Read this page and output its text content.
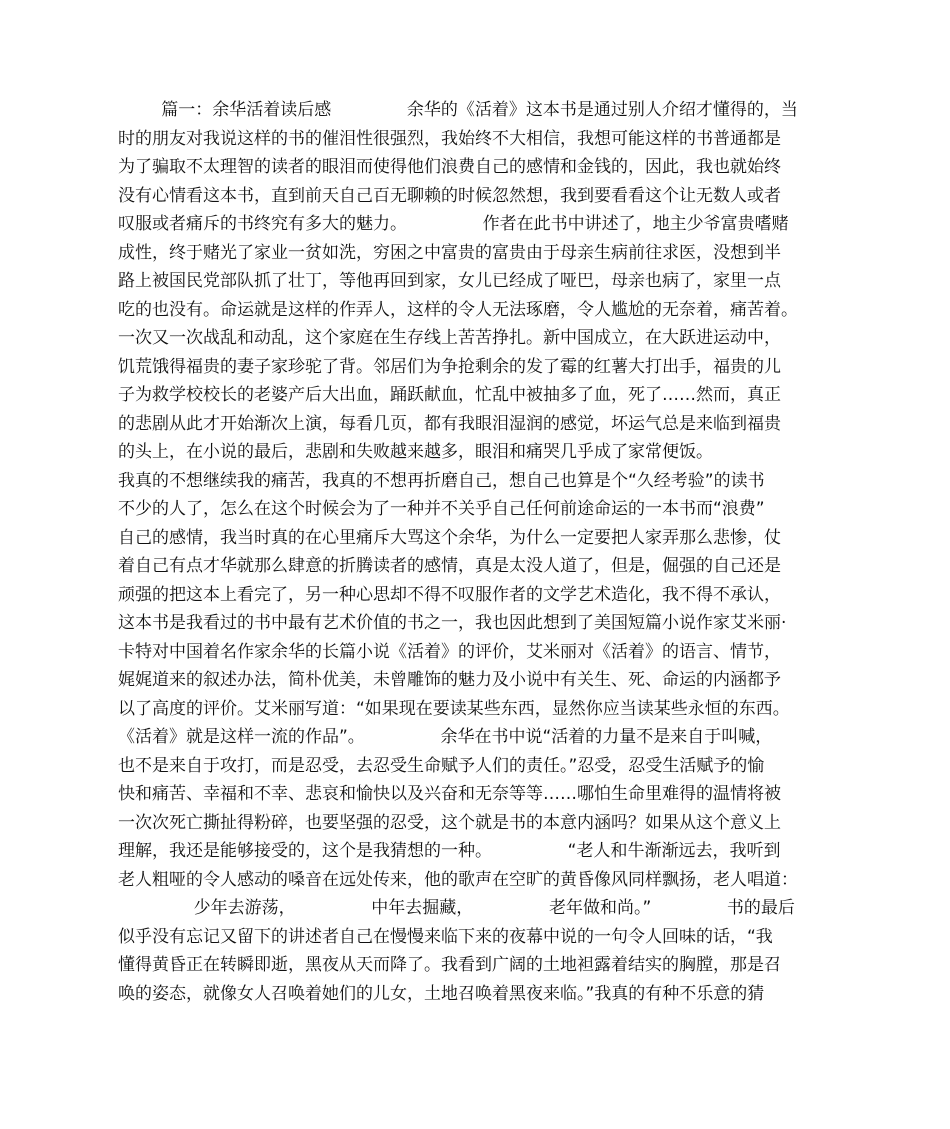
篇一：余华活着读后感              余华的《活着》这本书是通过别人介绍才懂得的，当
时的朋友对我说这样的书的催泪性很强烈，我始终不大相信，我想可能这样的书普通都是
为了骗取不太理智的读者的眼泪而使得他们浪费自己的感情和金钱的，因此，我也就始终
没有心情看这本书，直到前天自己百无聊赖的时候忽然想，我到要看看这个让无数人或者
叹服或者痛斥的书终究有多大的魅力。              作者在此书中讲述了，地主少爷富贵嗜赌
成性，终于赌光了家业一贫如洗，穷困之中富贵的富贵由于母亲生病前往求医，没想到半
路上被国民党部队抓了壮丁，等他再回到家，女儿已经成了哑巴，母亲也病了，家里一点
吃的也没有。命运就是这样的作弄人，这样的令人无法琢磨，令人尴尬的无奈着，痛苦着。
一次又一次战乱和动乱，这个家庭在生存线上苦苦挣扎。新中国成立，在大跃进运动中，
饥荒饿得福贵的妻子家珍驼了背。邻居们为争抢剩余的发了霉的红薯大打出手，福贵的儿
子为救学校校长的老婆产后大出血，踊跃献血，忙乱中被抽多了血，死了……然而，真正
的悲剧从此才开始渐次上演，每看几页，都有我眼泪湿润的感觉，坏运气总是来临到福贵
的头上，在小说的最后，悲剧和失败越来越多，眼泪和痛哭几乎成了家常便饭。
我真的不想继续我的痛苦，我真的不想再折磨自己，想自己也算是个“久经考验”的读书
不少的人了，怎么在这个时候会为了一种并不关乎自己任何前途命运的一本书而“浪费”
自己的感情，我当时真的在心里痛斥大骂这个余华，为什么一定要把人家弄那么悲惨，仗
着自己有点才华就那么肆意的折腾读者的感情，真是太没人道了，但是，倔强的自己还是
顽强的把这本上看完了，另一种心思却不得不叹服作者的文学艺术造化，我不得不承认，
这本书是我看过的书中最有艺术价值的书之一，我也因此想到了美国短篇小说作家艾米丽·
卡特对中国着名作家余华的长篇小说《活着》的评价，艾米丽对《活着》的语言、情节，
娓娓道来的叙述办法，简朴优美，未曾雕饰的魅力及小说中有关生、死、命运的内涵都予
以了高度的评价。艾米丽写道：“如果现在要读某些东西，显然你应当读某些永恒的东西。
《活着》就是这样一流的作品”。              余华在书中说“活着的力量不是来自于叫喊，
也不是来自于攻打，而是忍受，去忍受生命赋予人们的责任。”忍受，忍受生活赋予的愉
快和痛苦、幸福和不幸、悲哀和愉快以及兴奋和无奈等等……哪怕生命里难得的温情将被
一次次死亡撕扯得粉碎，也要坚强的忍受，这个就是书的本意内涵吗？如果从这个意义上
理解，我还是能够接受的，这个是我猜想的一种。              “老人和牛渐渐远去，我听到
老人粗哑的令人感动的嗓音在远处传来，他的歌声在空旷的黄昏像风同样飘扬，老人唱道：
少年去游荡，              中年去掘藏，              老年做和尚。”              书的最后
似乎没有忘记又留下的讲述者自己在慢慢来临下来的夜幕中说的一句令人回味的话，“我
懂得黄昏正在转瞬即逝，黑夜从天而降了。我看到广阔的土地袒露着结实的胸膛，那是召
唤的姿态，就像女人召唤着她们的儿女，土地召唤着黑夜来临。”我真的有种不乐意的猜
